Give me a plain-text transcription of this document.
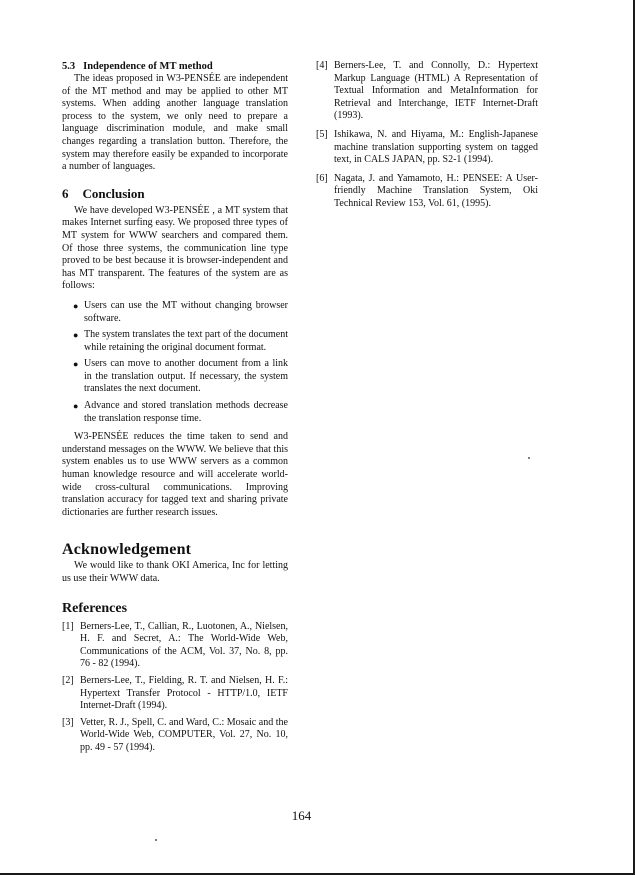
5.3 Independence of MT method

The ideas proposed in W3-PENSÉE are independent of the MT method and may be applied to other MT systems. When adding another language translation process to the system, we only need to prepare a language discrimination module, and make small changes regarding a translation button. Therefore, the system may therefore easily be expanded to incorporate a number of languages.

6 Conclusion

We have developed W3-PENSÉE , a MT system that makes Internet surfing easy. We proposed three types of MT system for WWW searchers and compared them. Of those three systems, the communication line type proved to be best because it is browser-independent and has MT transparent. The features of the system are as follows:

● Users can use the MT without changing browser software.
● The system translates the text part of the document while retaining the original document format.
● Users can move to another document from a link in the translation output. If necessary, the system translates the next document.
● Advance and stored translation methods decrease the translation response time.

W3-PENSÉE reduces the time taken to send and understand messages on the WWW. We believe that this system enables us to use WWW servers as a common human knowledge resource and will accelerate world-wide cross-cultural communications. Improving translation accuracy for tagged text and sharing private dictionaries are further research issues.

Acknowledgement

We would like to thank OKI America, Inc for letting us use their WWW data.

References
[1] Berners-Lee, T., Callian, R., Luotonen, A., Nielsen, H. F. and Secret, A.: The World-Wide Web, Communications of the ACM, Vol. 37, No. 8, pp. 76 - 82 (1994).
[2] Berners-Lee, T., Fielding, R. T. and Nielsen, H. F.: Hypertext Transfer Protocol - HTTP/1.0, IETF Internet-Draft (1994).
[3] Vetter, R. J., Spell, C. and Ward, C.: Mosaic and the World-Wide Web, COMPUTER, Vol. 27, No. 10, pp. 49 - 57 (1994).
[4] Berners-Lee, T. and Connolly, D.: Hypertext Markup Language (HTML) A Representation of Textual Information and MetaInformation for Retrieval and Interchange, IETF Internet-Draft (1993).
[5] Ishikawa, N. and Hiyama, M.: English-Japanese machine translation supporting system on tagged text, in CALS JAPAN, pp. S2-1 (1994).
[6] Nagata, J. and Yamamoto, H.: PENSEE: A User-friendly Machine Translation System, Oki Technical Review 153, Vol. 61, (1995).
164
